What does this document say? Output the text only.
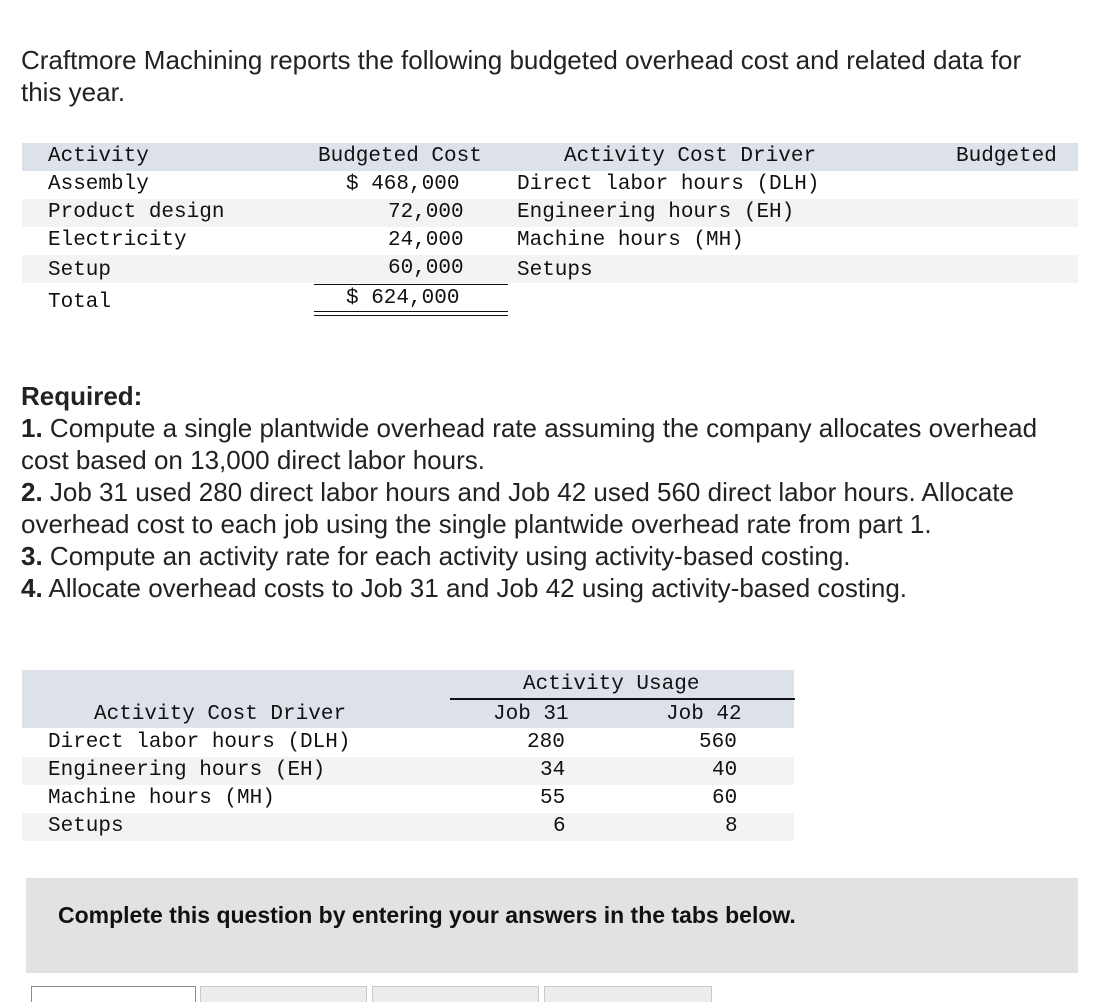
Craftmore Machining reports the following budgeted overhead cost and related data for this year.

Activity	Budgeted Cost	Activity Cost Driver	Budgeted
Assembly	$ 468,000	Direct labor hours (DLH)
Product design	72,000	Engineering hours (EH)
Electricity	24,000	Machine hours (MH)
Setup	60,000	Setups
Total	$ 624,000

Required:

1. Compute a single plantwide overhead rate assuming the company allocates overhead cost based on 13,000 direct labor hours.

2. Job 31 used 280 direct labor hours and Job 42 used 560 direct labor hours. Allocate overhead cost to each job using the single plantwide overhead rate from part 1.

3. Compute an activity rate for each activity using activity-based costing.

4. Allocate overhead costs to Job 31 and Job 42 using activity-based costing.

Activity Usage
Activity Cost Driver	Job 31	Job 42
Direct labor hours (DLH)	280	560
Engineering hours (EH)	34	40
Machine hours (MH)	55	60
Setups	6	8
Complete this question by entering your answers in the tabs below.
